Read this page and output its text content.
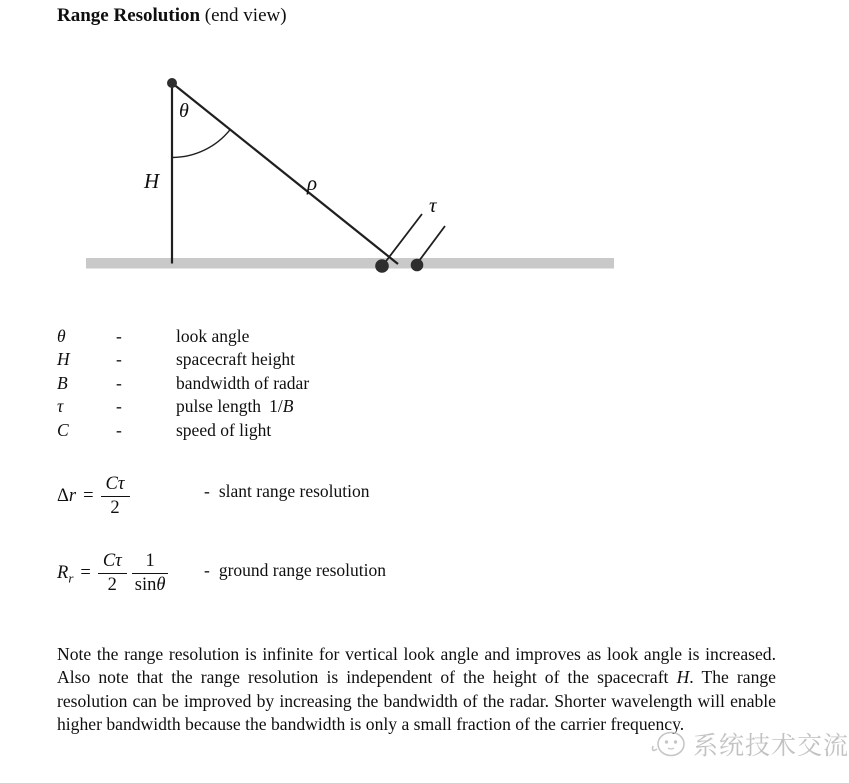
Range Resolution (end view)
θ
H	ρ
τ
θ	-	look angle
H	-	spacecraft height
B	-	bandwidth of radar
τ	-	pulse length 1/B
C	-	speed of light
$\Delta r = \frac{C\tau}{2}$	- slant range resolution
$R_r = \frac{C\tau}{2} \frac{1}{\sin\theta}$ - ground range resolution
Note the range resolution is infinite for vertical look angle and improves as look angle is increased. Also note that the range resolution is independent of the height of the spacecraft H. The range resolution can be improved by increasing the bandwidth of the radar. Shorter wavelength will enable higher bandwidth because the bandwidth is only a small fraction of the carrier frequency.
系统技术交流
